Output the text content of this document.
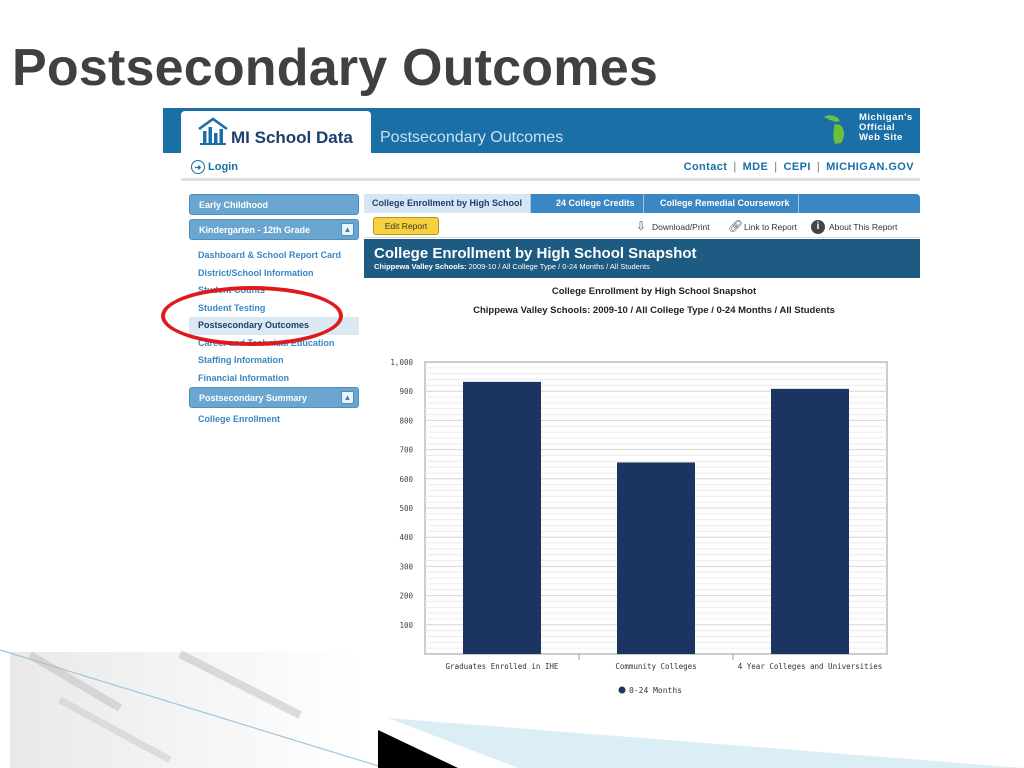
Postsecondary Outcomes
MI School Data Postsecondary Outcomes
Michigan's
Official
Web Site
➜ Login	Contact | MDE | CEPI | MICHIGAN.GOV
Early Childhood
Kindergarten - 12th Grade	▲
Dashboard & School Report Card
District/School Information
Student Counts
Student Testing
Postsecondary Outcomes
Career and Technical Education
Staffing Information
Financial Information
Postsecondary Summary	▲
College Enrollment
College Enrollment by High School	24 College Credits	College Remedial Coursework
Edit Report	⇩ Download/Print 🔗︎ Link to Report	i	About This Report
College Enrollment by High School Snapshot
Chippewa Valley Schools: 2009-10 / All College Type / 0-24 Months / All Students
College Enrollment by High School Snapshot
Chippewa Valley Schools: 2009-10 / All College Type / 0-24 Months / All Students
100
200
300
400
500
600
700
800
900
1,000
Graduates Enrolled in IHE	Community Colleges	4 Year Colleges and Universities
0-24 Months
